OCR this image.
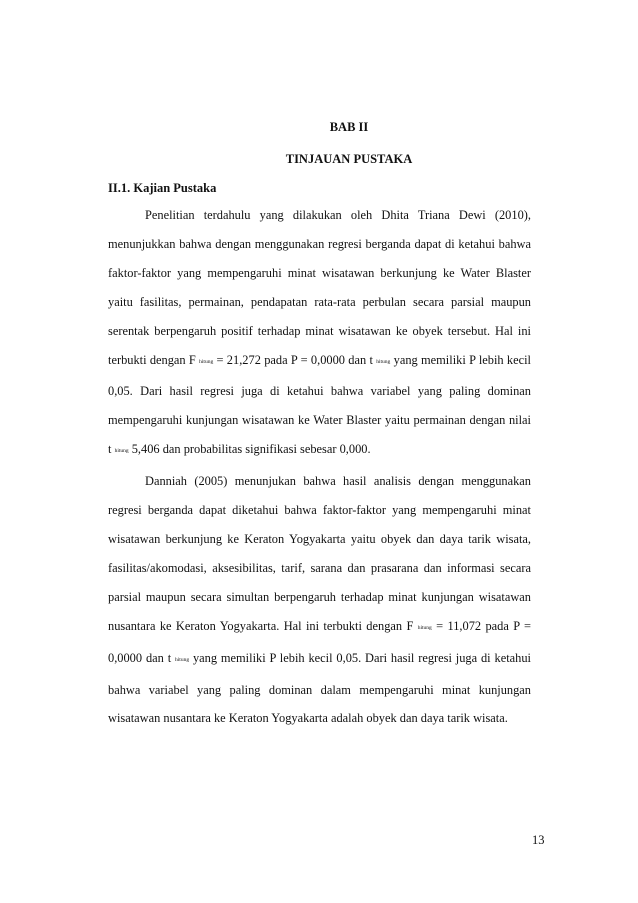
BAB II
TINJAUAN PUSTAKA
II.1. Kajian Pustaka

Penelitian terdahulu yang dilakukan oleh Dhita Triana Dewi (2010), menunjukkan bahwa dengan menggunakan regresi berganda dapat di ketahui bahwa faktor-faktor yang mempengaruhi minat wisatawan berkunjung ke Water Blaster yaitu fasilitas, permainan, pendapatan rata-rata perbulan secara parsial maupun serentak berpengaruh positif terhadap minat wisatawan ke obyek tersebut. Hal ini terbukti dengan F $_{hitung}$ = 21,272 pada P = 0,0000 dan t $_{hitung}$ yang memiliki P lebih kecil 0,05. Dari hasil regresi juga di ketahui bahwa variabel yang paling dominan mempengaruhi kunjungan wisatawan ke Water Blaster yaitu permainan dengan nilai t $_{hitung}$ 5,406 dan probabilitas signifikasi sebesar 0,000.

Danniah (2005) menunjukan bahwa hasil analisis dengan menggunakan regresi berganda dapat diketahui bahwa faktor-faktor yang mempengaruhi minat wisatawan berkunjung ke Keraton Yogyakarta yaitu obyek dan daya tarik wisata, fasilitas/akomodasi, aksesibilitas, tarif, sarana dan prasarana dan informasi secara parsial maupun secara simultan berpengaruh terhadap minat kunjungan wisatawan nusantara ke Keraton Yogyakarta. Hal ini terbukti dengan F $_{hitung}$ = 11,072 pada P = 0,0000 dan t $_{hitung}$ yang memiliki P lebih kecil 0,05. Dari hasil regresi juga di ketahui bahwa variabel yang paling dominan dalam mempengaruhi minat kunjungan wisatawan nusantara ke Keraton Yogyakarta adalah obyek dan daya tarik wisata.

13
